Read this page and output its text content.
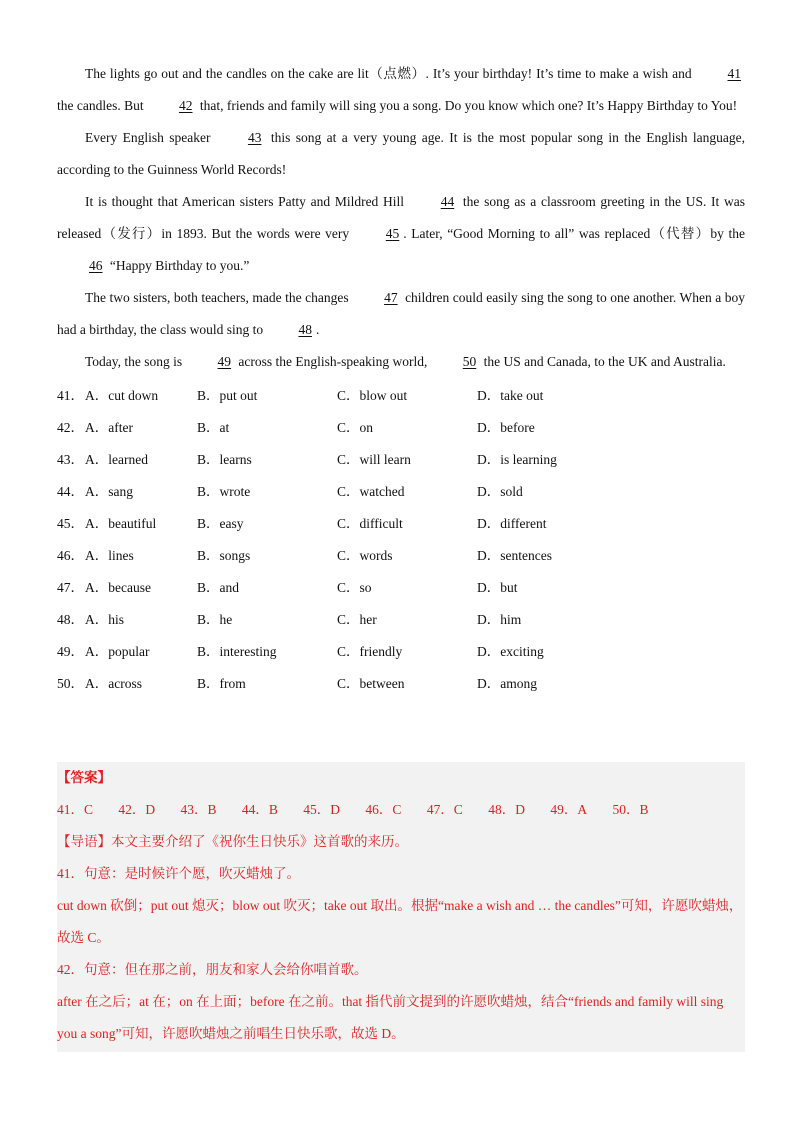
The lights go out and the candles on the cake are lit（点燃）. It’s your birthday! It’s time to make a wish and	41 the candles. But 42 that, friends and family will sing you a song. Do you know which one? It’s Happy Birthday to You!

Every English speaker 43 this song at a very young age. It is the most popular song in the English language, according to the Guinness World Records!

It is thought that American sisters Patty and Mildred Hill 44 the song as a classroom greeting in the US. It was released（发行）in 1893. But the words were very 45 . Later, “Good Morning to all” was replaced（代替）by the 46 “Happy Birthday to you.”

The two sisters, both teachers, made the changes 47 children could easily sing the song to one another. When a boy had a birthday, the class would sing to 48 .

Today, the song is 49 across the English-speaking world, 50 the US and Canada, to the UK and Australia.

41． A．cut down	B．put out	C．blow out	D．take out
42． A．after	B．at	C．on	D．before
43． A．learned	B．learns	C．will learn	D．is learning
44． A．sang	B．wrote	C．watched	D．sold
45． A．beautiful	B．easy	C．difficult	D．different
46． A．lines	B．songs	C．words	D．sentences
47． A．because	B．and	C．so	D．but
48． A．his	B．he	C．her	D．him
49． A．popular	B．interesting	C．friendly	D．exciting
50． A．across	B．from	C．between	D．among
【答案】
41．C 42．D 43．B 44．B 45．D 46．C 47．C 48．D 49．A 50．B
【导语】本文主要介绍了《祝你生日快乐》这首歌的来历。
41．句意：是时候许个愿，吹灭蜡烛了。
cut down 砍倒；put out 熄灭；blow out 吹灭；take out 取出。根据“make a wish and … the candles”可知，许愿吹蜡烛，故选 C。
42．句意：但在那之前，朋友和家人会给你唱首歌。
after 在之后；at 在；on 在上面；before 在之前。that 指代前文提到的许愿吹蜡烛，结合“friends and family will sing you a song”可知，许愿吹蜡烛之前唱生日快乐歌，故选 D。
